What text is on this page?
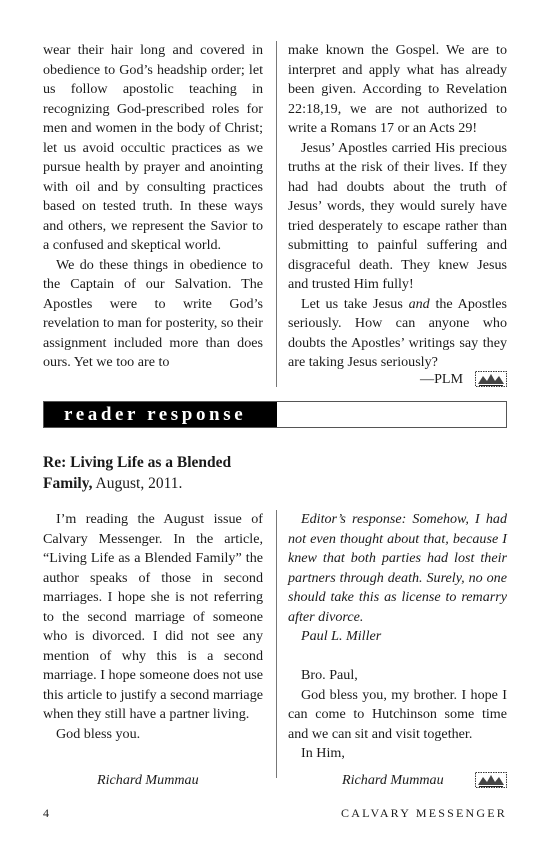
wear their hair long and covered in obedience to God’s headship order; let us follow apostolic teaching in recognizing God-prescribed roles for men and women in the body of Christ; let us avoid occultic practices as we pursue health by prayer and anointing with oil and by consulting practices based on tested truth. In these ways and others, we represent the Savior to a confused and skeptical world.

We do these things in obedience to the Captain of our Salvation. The Apostles were to write God’s revelation to man for posterity, so their assignment included more than does ours. Yet we too are to

make known the Gospel. We are to interpret and apply what has already been given. According to Revelation 22:18,19, we are not authorized to write a Romans 17 or an Acts 29!

Jesus’ Apostles carried His precious truths at the risk of their lives. If they had had doubts about the truth of Jesus’ words, they would surely have tried desperately to escape rather than submitting to painful suffering and disgraceful death. They knew Jesus and trusted Him fully!

Let us take Jesus and the Apostles seriously. How can anyone who doubts the Apostles’ writings say they are taking Jesus seriously?

—PLM
reader response
Re: Living Life as a Blended Family, August, 2011.

I’m reading the August issue of Calvary Messenger. In the article, “Living Life as a Blended Family” the author speaks of those in second marriages. I hope she is not referring to the second marriage of someone who is divorced. I did not see any mention of why this is a second marriage. I hope someone does not use this article to justify a second marriage when they still have a partner living.

God bless you.

Editor’s response: Somehow, I had not even thought about that, because I knew that both parties had lost their partners through death. Surely, no one should take this as license to remarry after divorce.

Paul L. Miller

Bro. Paul,

God bless you, my brother. I hope I can come to Hutchinson some time and we can sit and visit together.

In Him,

Richard Mummau	Richard Mummau
4	CALVARY MESSENGER
